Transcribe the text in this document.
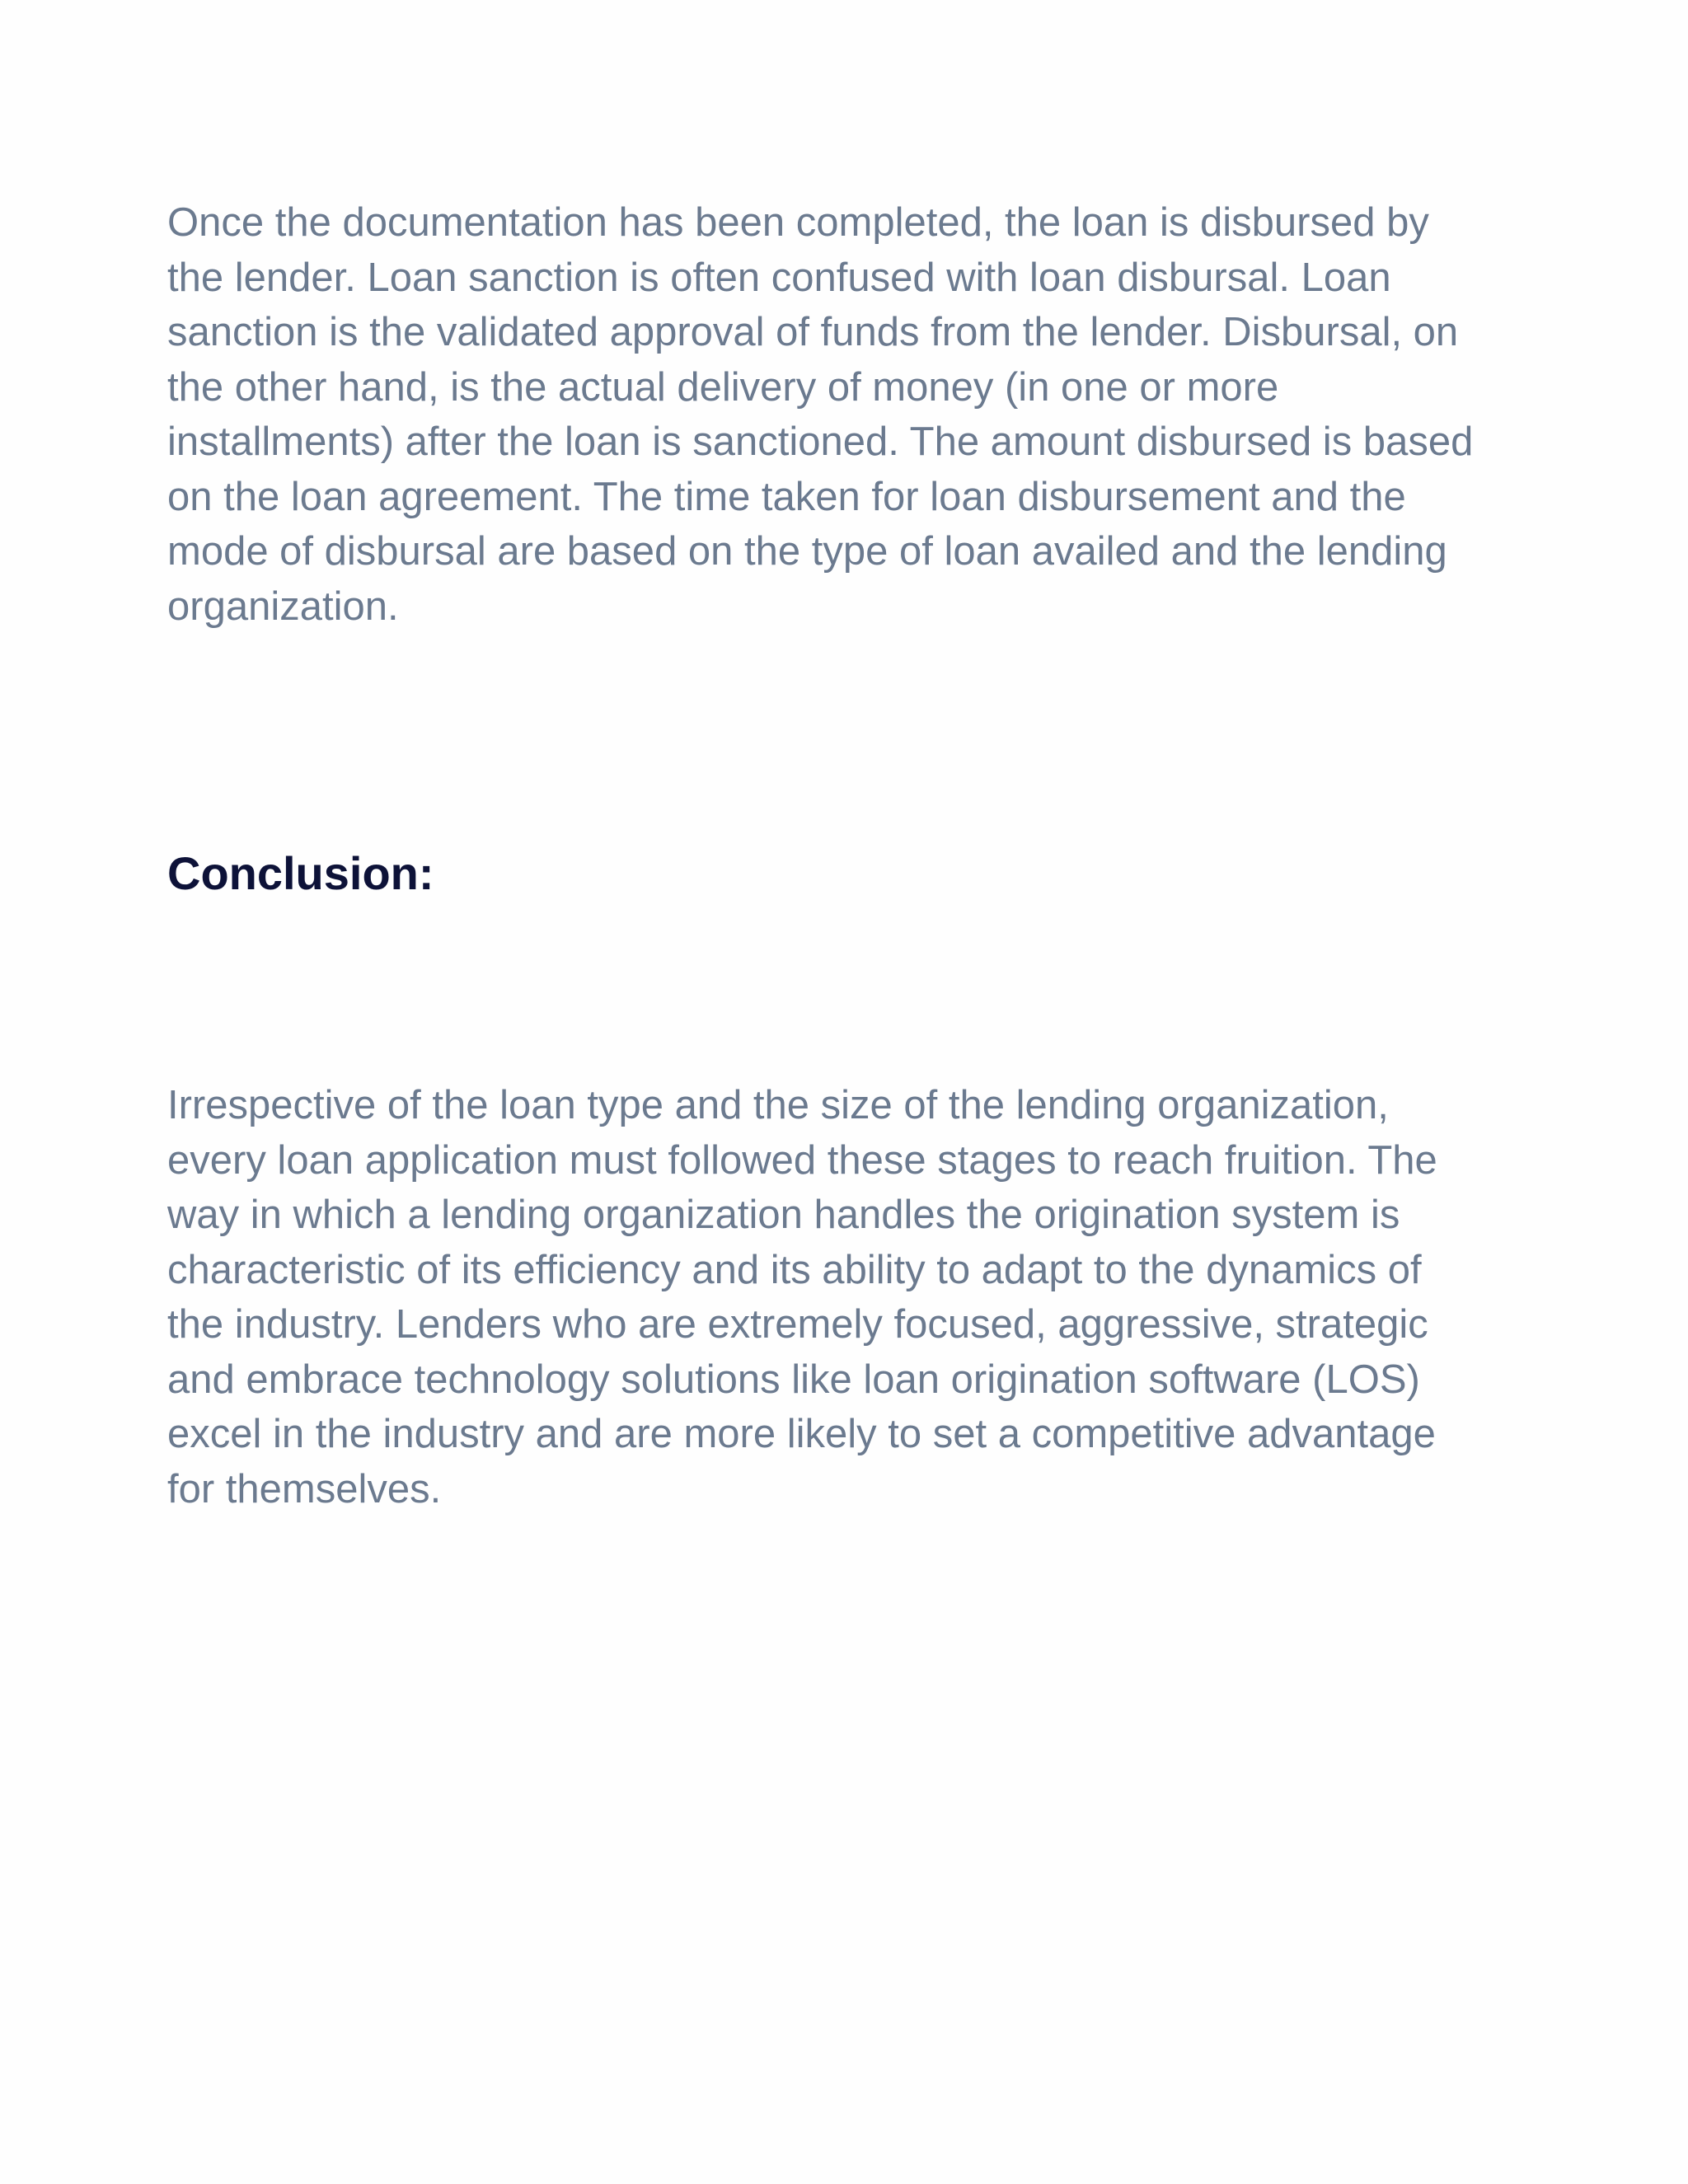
Once the documentation has been completed, the loan is disbursed by
the lender. Loan sanction is often confused with loan disbursal. Loan
sanction is the validated approval of funds from the lender. Disbursal, on
the other hand, is the actual delivery of money (in one or more
installments) after the loan is sanctioned. The amount disbursed is based
on the loan agreement. The time taken for loan disbursement and the
mode of disbursal are based on the type of loan availed and the lending
organization.

Conclusion:

Irrespective of the loan type and the size of the lending organization,
every loan application must followed these stages to reach fruition. The
way in which a lending organization handles the origination system is
characteristic of its efficiency and its ability to adapt to the dynamics of
the industry. Lenders who are extremely focused, aggressive, strategic
and embrace technology solutions like loan origination software (LOS)
excel in the industry and are more likely to set a competitive advantage
for themselves.
